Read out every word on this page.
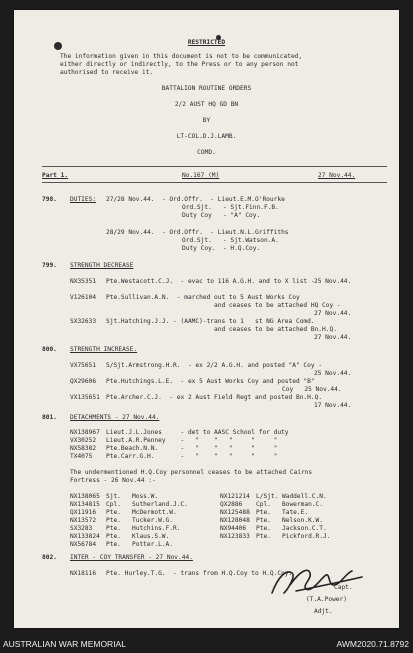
RESTRICTED
The information given in this document is not to be communicated,
either directly or indirectly, to the Press or to any person not
authorised to receive it.
BATTALION ROUTINE ORDERS
2/2 AUST HQ GD BN
BY
LT-COL.D.J.LAMB.
COMD.
Part 1.	No.167 (M)	27 Nov.44.
798. DUTIES: 27/28 Nov.44.  - Ord.Offr.  - Lieut.E.M.O'Rourke
Ord.Sjt.   - Sjt.Finn.F.B.
Duty Coy   - "A" Coy.
28/29 Nov.44.  - Ord.Offr.  - Lieut.N.L.Griffiths
Ord.Sjt.   - Sjt.Watson.A.
Duty Coy.  - H.Q.Coy.
799. STRENGTH DECREASE
NX35351 Pte.Westacott.C.J.  - evac to 116 A.G.H. and to X list - 25 Nov.44.
V126104 Pte.Sullivan.A.N.  - marched out to 5 Aust Works Coy
and ceases to be attached HQ Coy -
27 Nov.44.
SX32633 Sjt.Hatching.J.J. - (AAMC)-trans to 1   st NG Area Comd.
and ceases to be attached Bn.H.Q.
27 Nov.44.
800. STRENGTH INCREASE.
VX75651 S/Sjt.Armstrong.H.R.  - ex 2/2 A.G.H. and posted "A" Coy -
25 Nov.44.
QX29606 Pte.Hutchings.L.E.  - ex 5 Aust Works Coy and posted "B"
Coy   25 Nov.44.
VX135651 Pte.Archer.C.J.  - ex 2 Aust Field Regt and posted Bn.H.Q.
17 Nov.44.
801. DETACHMENTS - 27 Nov.44.
NX138967 Lieut.J.L.Jones     - det to AASC School for duty
VX30252 Lieut.A.R.Penney    -   "    "   "     "     "
NX58382 Pte.Beach.N.N.      -   "    "   "     "     "
TX4075 Pte.Carr.G.H.       -   "    "   "     "     "
The undermentioned H.Q.Coy personnel ceases to be attached Cairns
Fortress - 26 Nov.44 :-
NX138065 Sjt. Moss.W.	NX121214 L/Sjt. Waddell.C.N.
NX134815 Cpl. Sutherland.J.C.	QX2886 Cpl. Bowerman.C.
QX11916 Pte. McDermott.W.	NX125488 Pte. Tate.E.
NX13572 Pte. Tucker.W.G.	NX128048 Pte. Nelson.K.W.
SX3283 Pte. Hutchins.F.R.	NX94406 Pte. Jackson.C.T.
NX133824 Pte. Klaus.S.W.	NX123833 Pte. Pickford.R.J.
NX56784 Pte. Potter.L.A.
802. INTER - COY TRANSFER - 27 Nov.44.
NX18116 Pte. Hurley.T.G.  - trans from H.Q.Coy to H.Q.Coy.
Capt.
(T.A.Power)
Adjt.
AUSTRALIAN WAR MEMORIAL	AWM2020.71.8792
